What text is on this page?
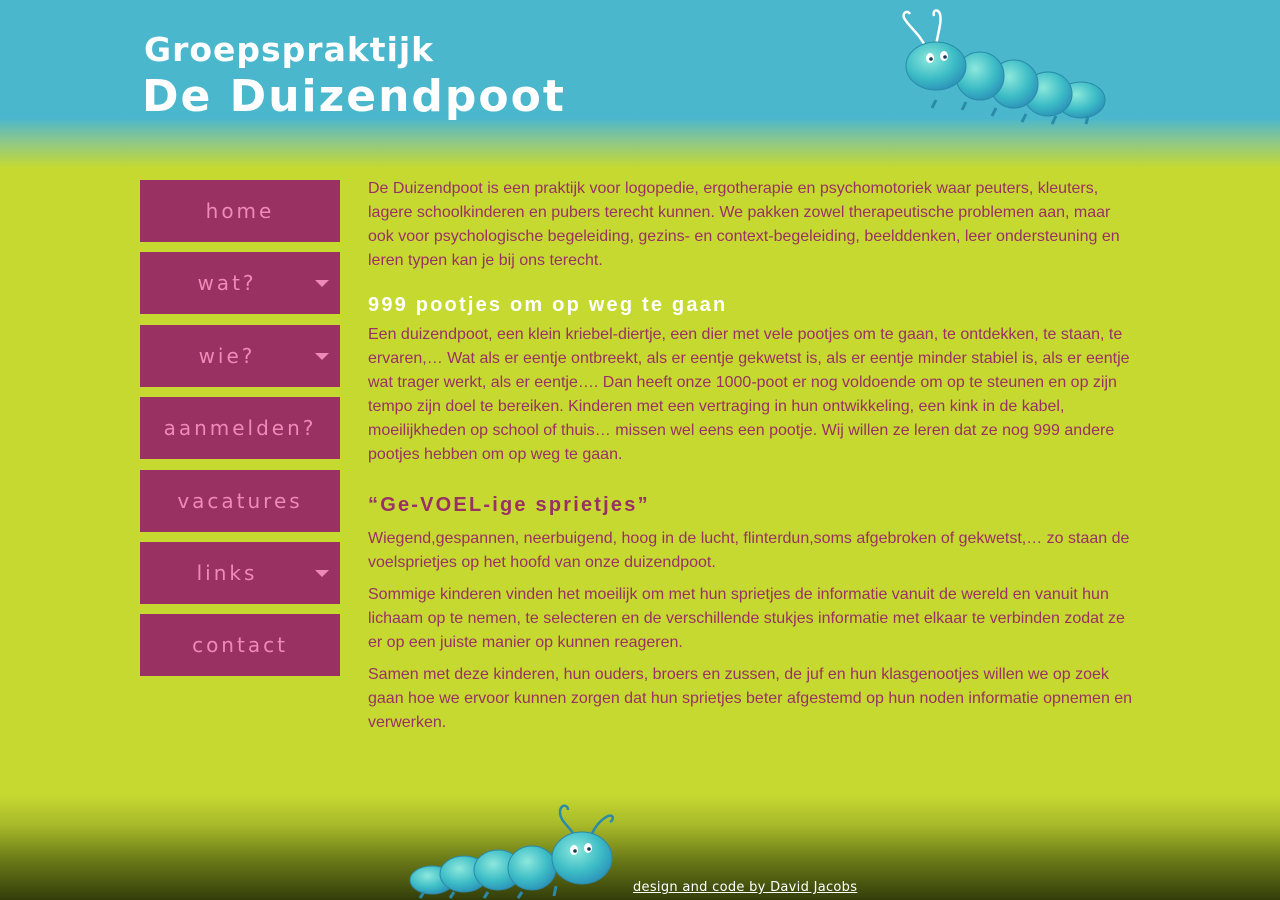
Groepspraktijk
De Duizendpoot
home
wat?
wie?
aanmelden?
vacatures
links
contact

De Duizendpoot is een praktijk voor logopedie, ergotherapie en psychomotoriek waar peuters, kleuters, lagere schoolkinderen en pubers terecht kunnen. We pakken zowel therapeutische problemen aan, maar ook voor psychologische begeleiding, gezins- en context-begeleiding, beelddenken, leer ondersteuning en leren typen kan je bij ons terecht.

999 pootjes om op weg te gaan

Een duizendpoot, een klein kriebel-diertje, een dier met vele pootjes om te gaan, te ontdekken, te staan, te ervaren,… Wat als er eentje ontbreekt, als er eentje gekwetst is, als er eentje minder stabiel is, als er eentje wat trager werkt, als er eentje…. Dan heeft onze 1000-poot er nog voldoende om op te steunen en op zijn tempo zijn doel te bereiken. Kinderen met een vertraging in hun ontwikkeling, een kink in de kabel, moeilijkheden op school of thuis… missen wel eens een pootje. Wij willen ze leren dat ze nog 999 andere pootjes hebben om op weg te gaan.

“Ge-VOEL-ige sprietjes”

Wiegend,gespannen, neerbuigend, hoog in de lucht, flinterdun,soms afgebroken of gekwetst,… zo staan de voelsprietjes op het hoofd van onze duizendpoot.

Sommige kinderen vinden het moeilijk om met hun sprietjes de informatie vanuit de wereld en vanuit hun lichaam op te nemen, te selecteren en de verschillende stukjes informatie met elkaar te verbinden zodat ze er op een juiste manier op kunnen reageren.

Samen met deze kinderen, hun ouders, broers en zussen, de juf en hun klasgenootjes willen we op zoek gaan hoe we ervoor kunnen zorgen dat hun sprietjes beter afgestemd op hun noden informatie opnemen en verwerken.

design and code by David Jacobs
